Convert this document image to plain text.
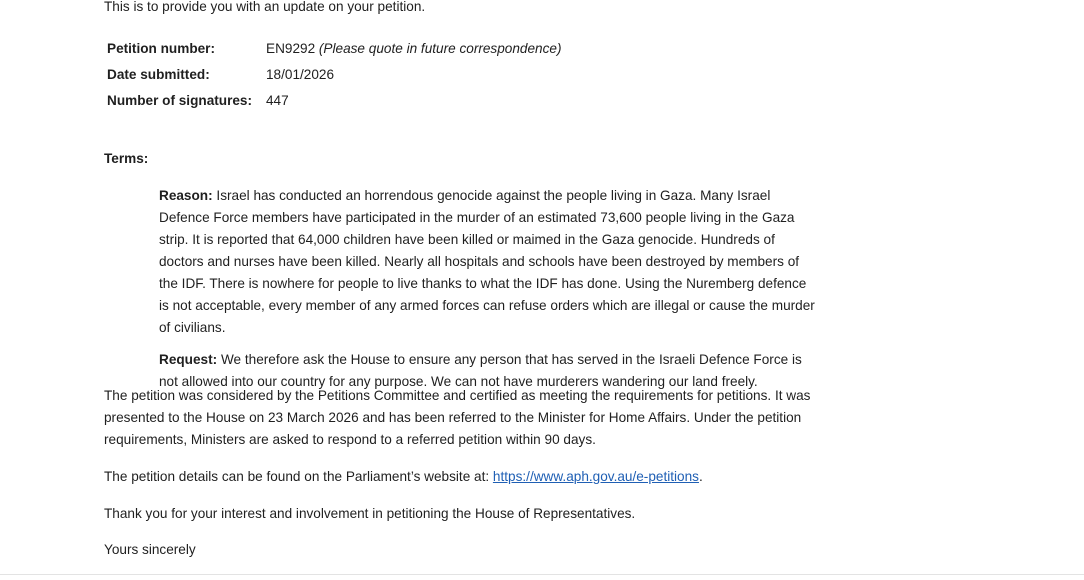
This is to provide you with an update on your petition.
Petition number:	EN9292 (Please quote in future correspondence)
Date submitted:	18/01/2026
Number of signatures:	447
Terms:

Reason: Israel has conducted an horrendous genocide against the people living in Gaza. Many Israel Defence Force members have participated in the murder of an estimated 73,600 people living in the Gaza strip. It is reported that 64,000 children have been killed or maimed in the Gaza genocide. Hundreds of doctors and nurses have been killed. Nearly all hospitals and schools have been destroyed by members of the IDF. There is nowhere for people to live thanks to what the IDF has done. Using the Nuremberg defence is not acceptable, every member of any armed forces can refuse orders which are illegal or cause the murder of civilians.

Request: We therefore ask the House to ensure any person that has served in the Israeli Defence Force is not allowed into our country for any purpose. We can not have murderers wandering our land freely.

The petition was considered by the Petitions Committee and certified as meeting the requirements for petitions. It was presented to the House on 23 March 2026 and has been referred to the Minister for Home Affairs. Under the petition requirements, Ministers are asked to respond to a referred petition within 90 days.

The petition details can be found on the Parliament’s website at: https://www.aph.gov.au/e-petitions.

Thank you for your interest and involvement in petitioning the House of Representatives.

Yours sincerely
